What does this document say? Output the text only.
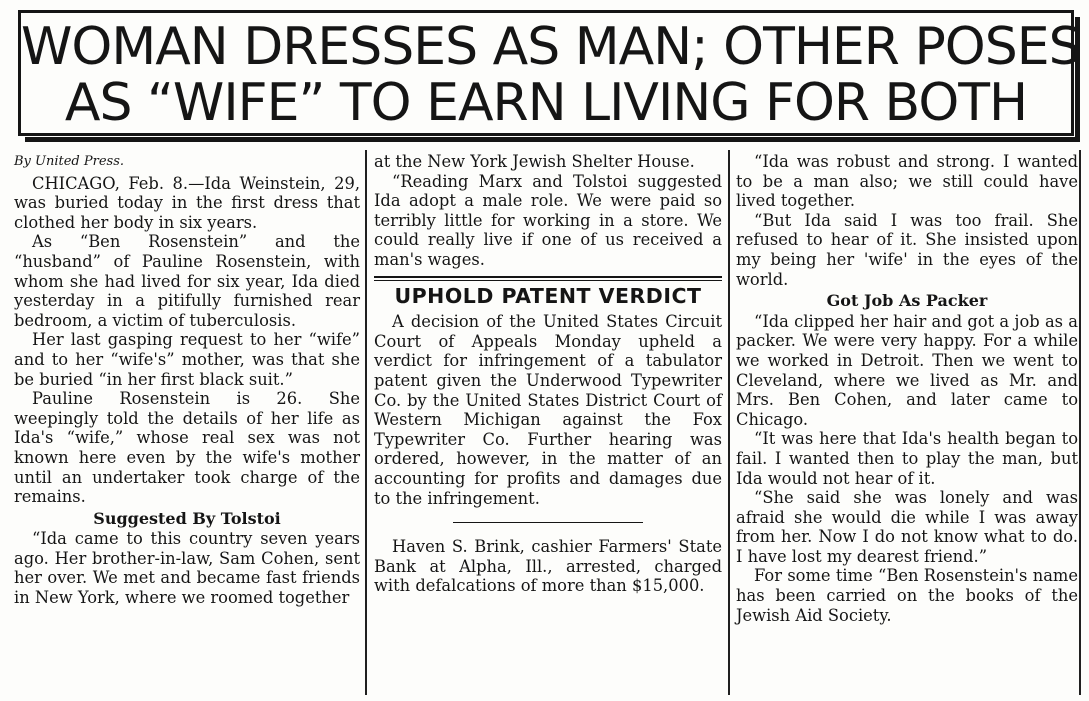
WOMAN DRESSES AS MAN; OTHER POSES
AS “WIFE” TO EARN LIVING FOR BOTH

By United Press.

CHICAGO, Feb. 8.—Ida Weinstein, 29, was buried today in the first dress that clothed her body in six years.

As “Ben Rosenstein” and the “husband” of Pauline Rosenstein, with whom she had lived for six year, Ida died yesterday in a pitifully furnished rear bedroom, a victim of tuberculosis.

Her last gasping request to her “wife” and to her “wife's” mother, was that she be buried “in her first black suit.”

Pauline Rosenstein is 26. She weepingly told the details of her life as Ida's “wife,” whose real sex was not known here even by the wife's mother until an undertaker took charge of the remains.

Suggested By Tolstoi

“Ida came to this country seven years ago. Her brother-in-law, Sam Cohen, sent her over. We met and became fast friends in New York, where we roomed together

at the New York Jewish Shelter House.

“Reading Marx and Tolstoi suggested Ida adopt a male role. We were paid so terribly little for working in a store. We could really live if one of us received a man's wages.

UPHOLD PATENT VERDICT

A decision of the United States Circuit Court of Appeals Monday upheld a verdict for infringement of a tabulator patent given the Underwood Typewriter Co. by the United States District Court of Western Michigan against the Fox Typewriter Co. Further hearing was ordered, however, in the matter of an accounting for profits and damages due to the infringement.

Haven S. Brink, cashier Farmers' State Bank at Alpha, Ill., arrested, charged with defalcations of more than $15,000.

“Ida was robust and strong. I wanted to be a man also; we still could have lived together.

“But Ida said I was too frail. She refused to hear of it. She insisted upon my being her 'wife' in the eyes of the world.

Got Job As Packer

“Ida clipped her hair and got a job as a packer. We were very happy. For a while we worked in Detroit. Then we went to Cleveland, where we lived as Mr. and Mrs. Ben Cohen, and later came to Chicago.

“It was here that Ida's health began to fail. I wanted then to play the man, but Ida would not hear of it.

“She said she was lonely and was afraid she would die while I was away from her. Now I do not know what to do. I have lost my dearest friend.”

For some time “Ben Rosenstein's name has been carried on the books of the Jewish Aid Society.
